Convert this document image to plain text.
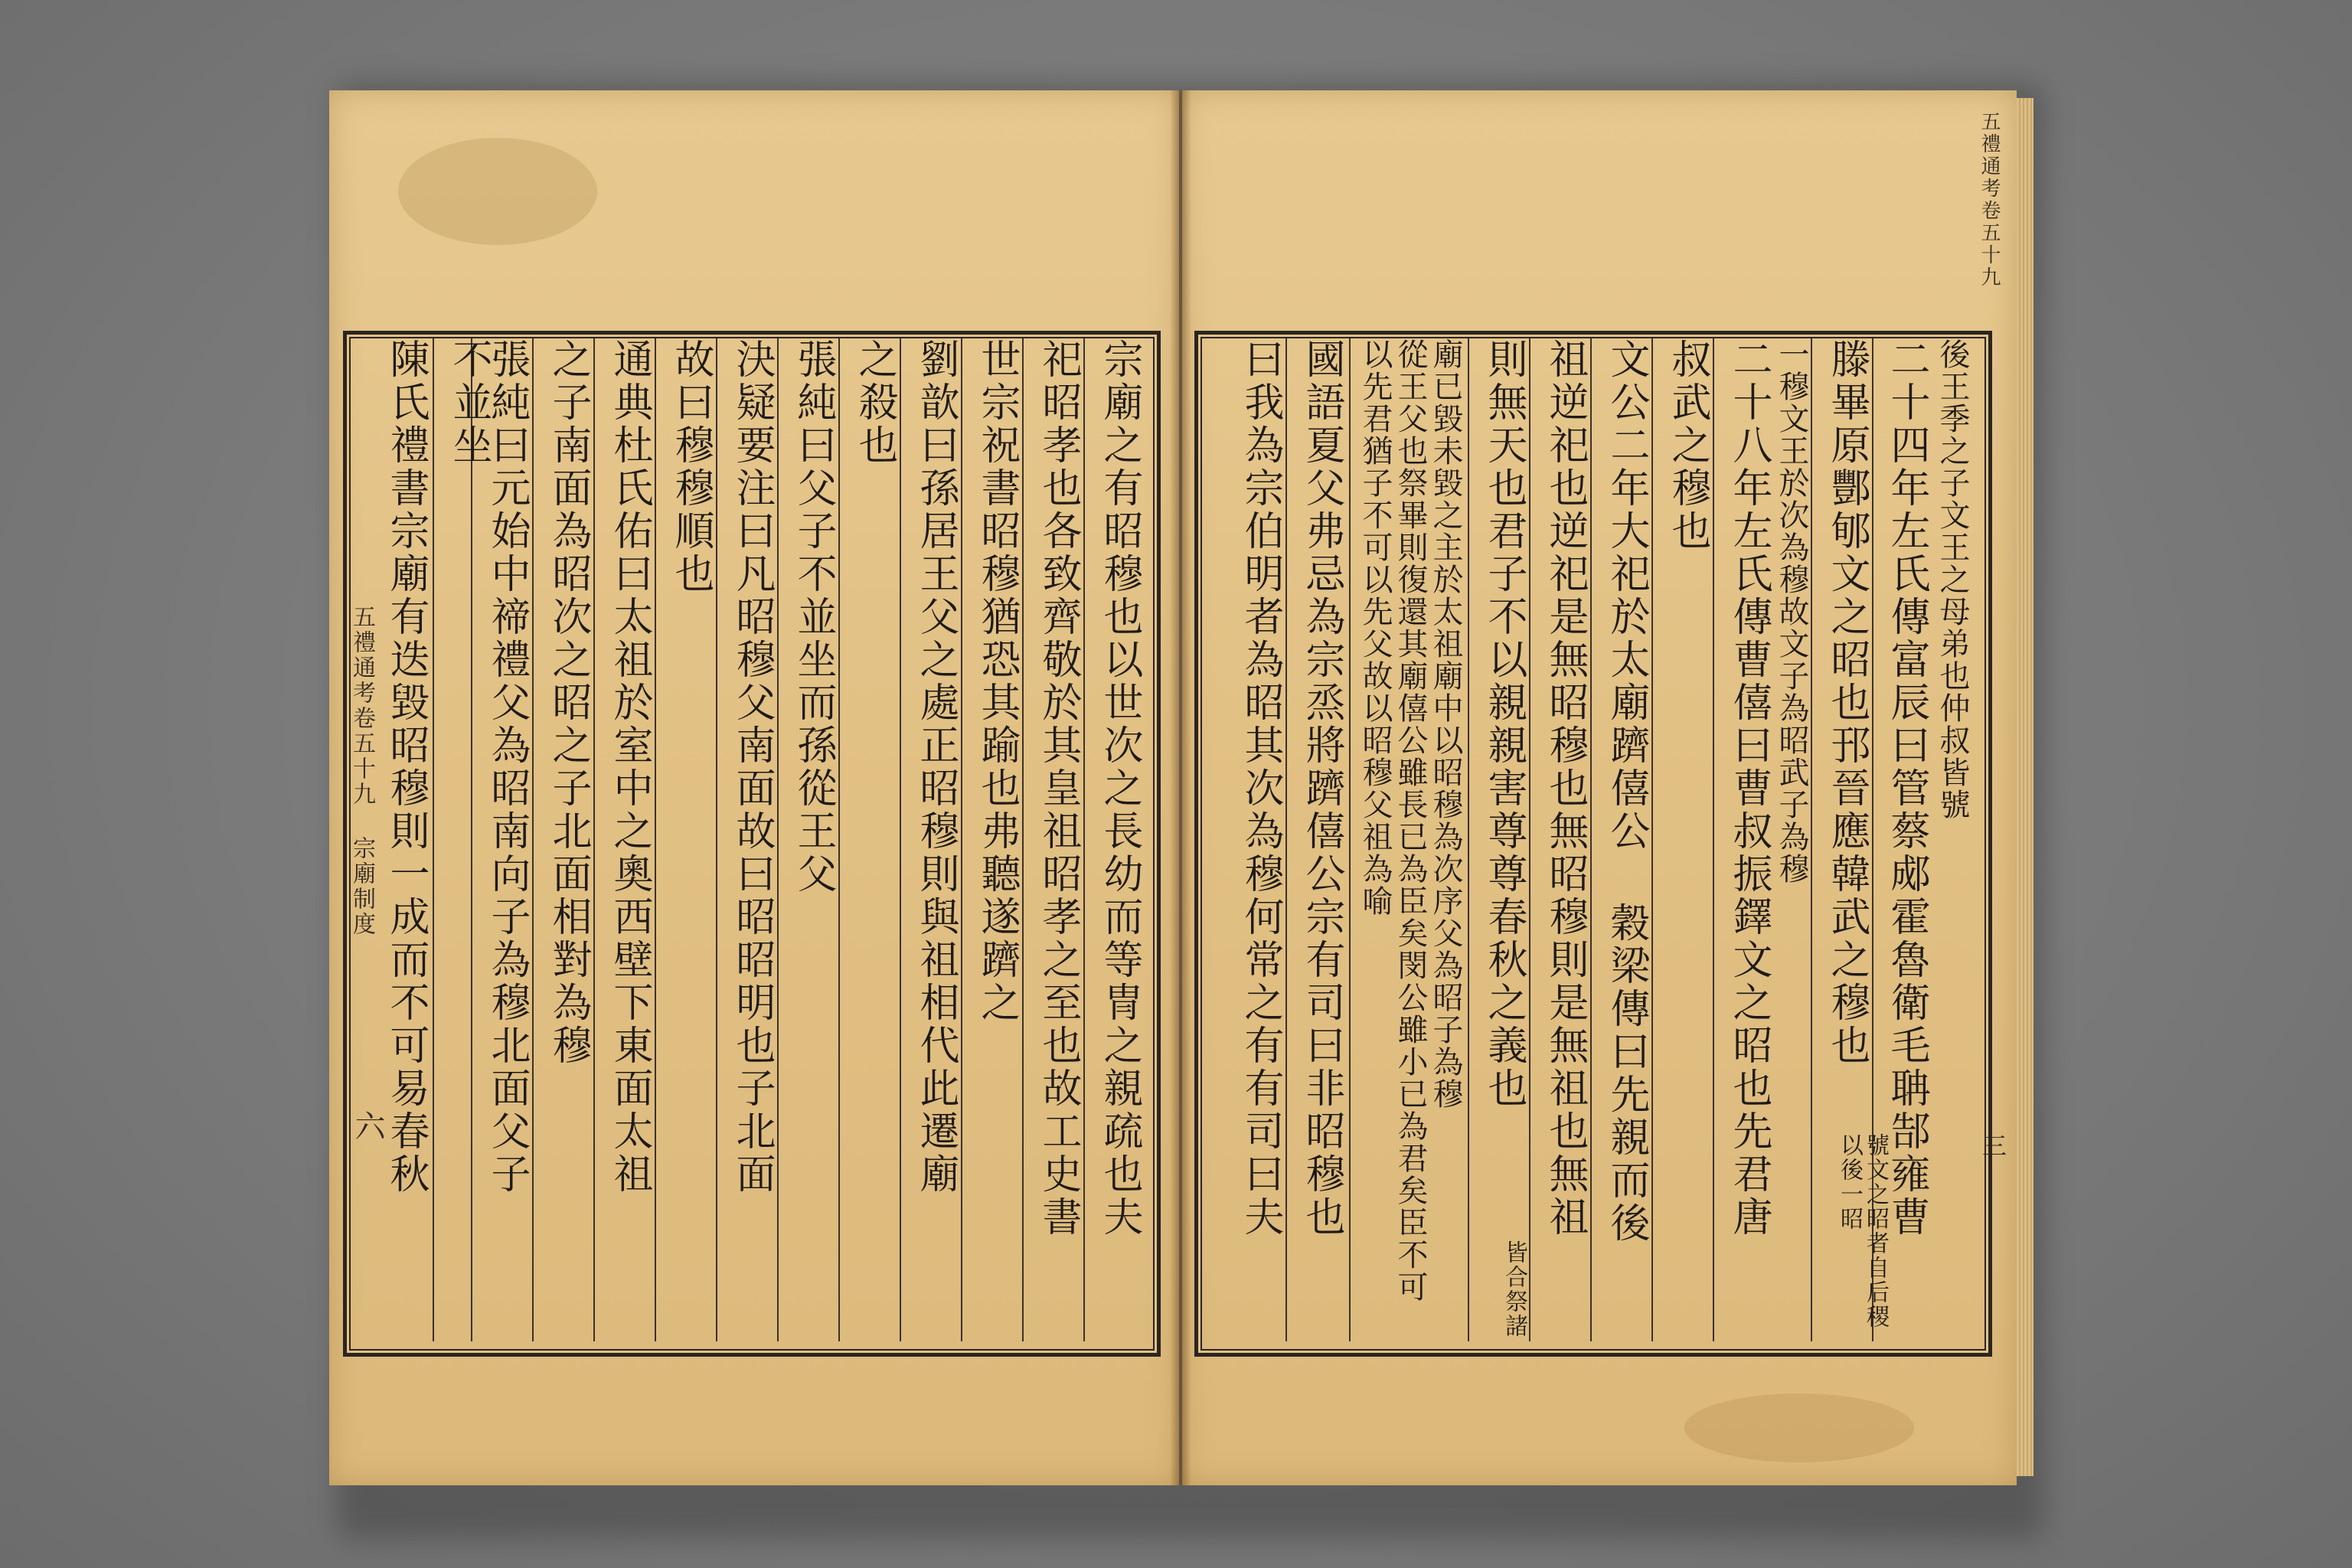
五禮通考卷五十九 宗廟制度
六
五禮通考卷五十九
三
宗廟之有昭穆也以世次之長幼而等冑之親疏也夫
祀昭孝也各致齊敬於其皇祖昭孝之至也故工史書
世宗祝書昭穆猶恐其踰也弗聽遂躋之
劉歆曰孫居王父之處正昭穆則與祖相代此遷廟
之殺也
張純曰父子不並坐而孫從王父
決疑要注曰凡昭穆父南面故曰昭昭明也子北面
故曰穆穆順也
通典杜氏佑曰太祖於室中之奧西壁下東面太祖
之子南面為昭次之昭之子北面相對為穆
張純曰元始中禘禮父為昭南向子為穆北面父子
不並坐
陳氏禮書宗廟有迭毀昭穆則一成而不可易春秋	後王季之子文王之母弟也仲叔皆號
二十四年左氏傳富辰曰管蔡郕霍魯衛毛聃郜雍曹
滕畢原酆郇文之昭也邘晉應韓武之穆也
一穆文王於次為穆故文子為昭武子為穆
二十八年左氏傳曹僖曰曹叔振鐸文之昭也先君唐
叔武之穆也
文公二年大祀於太廟躋僖公 穀梁傳曰先親而後
祖逆祀也逆祀是無昭穆也無昭穆則是無祖也無祖
則無天也君子不以親親害尊尊春秋之義也
廟已毀未毀之主於太祖廟中以昭穆為次序父為昭子為穆
從王父也祭畢則復還其廟僖公雖長已為臣矣閔公雖小已為君矣臣不可
以先君猶子不可以先父故以昭穆父祖為喻
國語夏父弗忌為宗烝將躋僖公宗有司曰非昭穆也
曰我為宗伯明者為昭其次為穆何常之有有司曰夫	號文之昭者自后稷以後一昭
皆合祭諸
